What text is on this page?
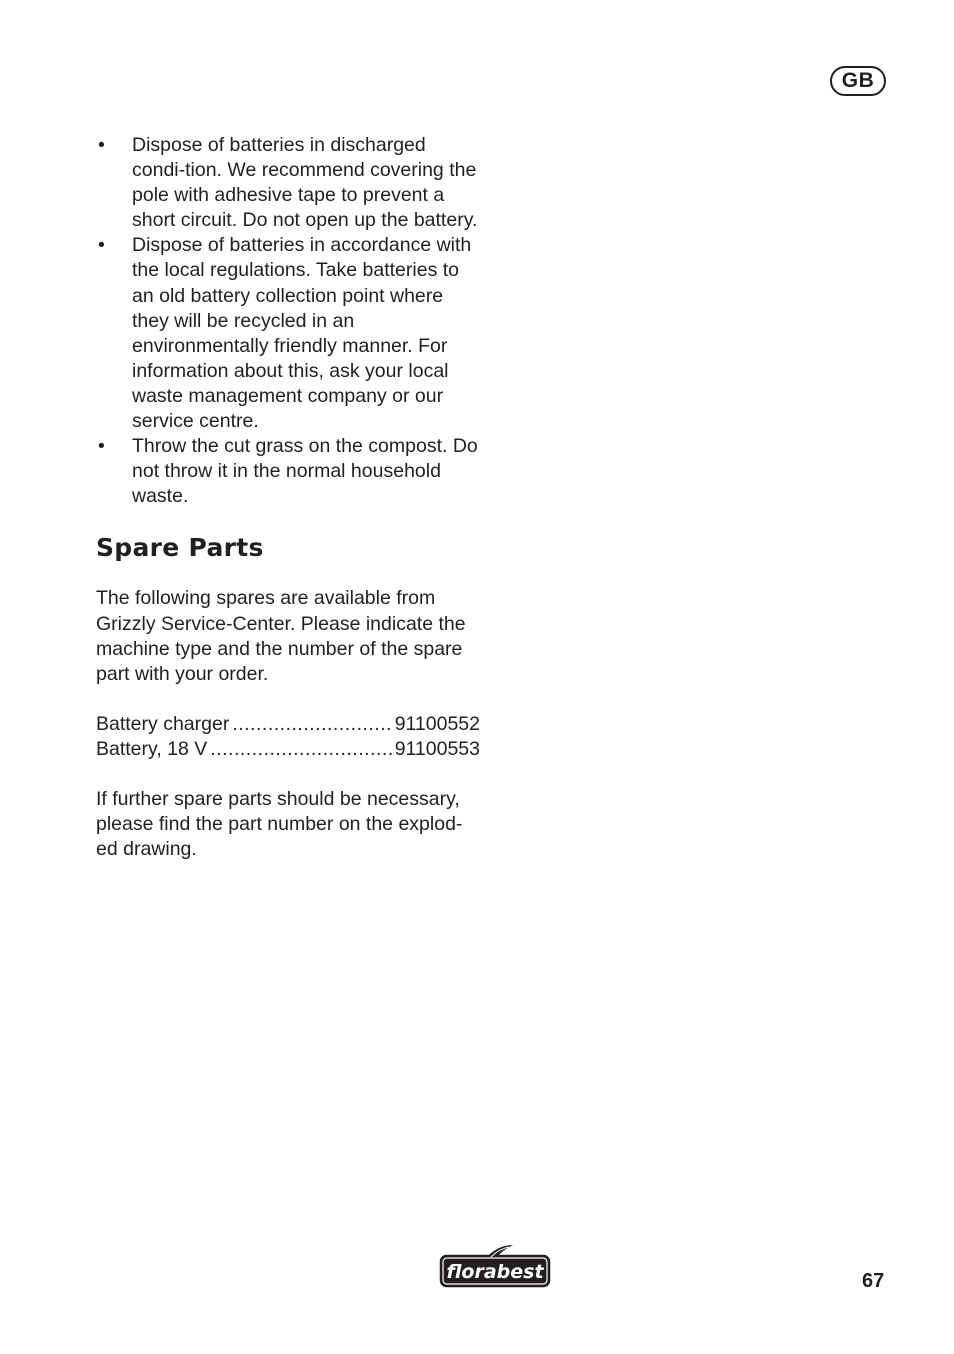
GB
• Dispose of batteries in discharged condi-tion. We recommend covering the pole with adhesive tape to prevent a short circuit. Do not open up the battery.
• Dispose of batteries in accordance with the local regulations. Take batteries to an old battery collection point where they will be recycled in an environmentally friendly manner. For information about this, ask your local waste management company or our service centre.
• Throw the cut grass on the compost. Do not throw it in the normal household waste.
Spare Parts

The following spares are available from Grizzly Service-Center. Please indicate the machine type and the number of the spare part with your order.

Battery charger .....	91100552
Battery, 18 V .....	91100553

If further spare parts should be necessary, please find the part number on the explod-ed drawing.

florabest	67
